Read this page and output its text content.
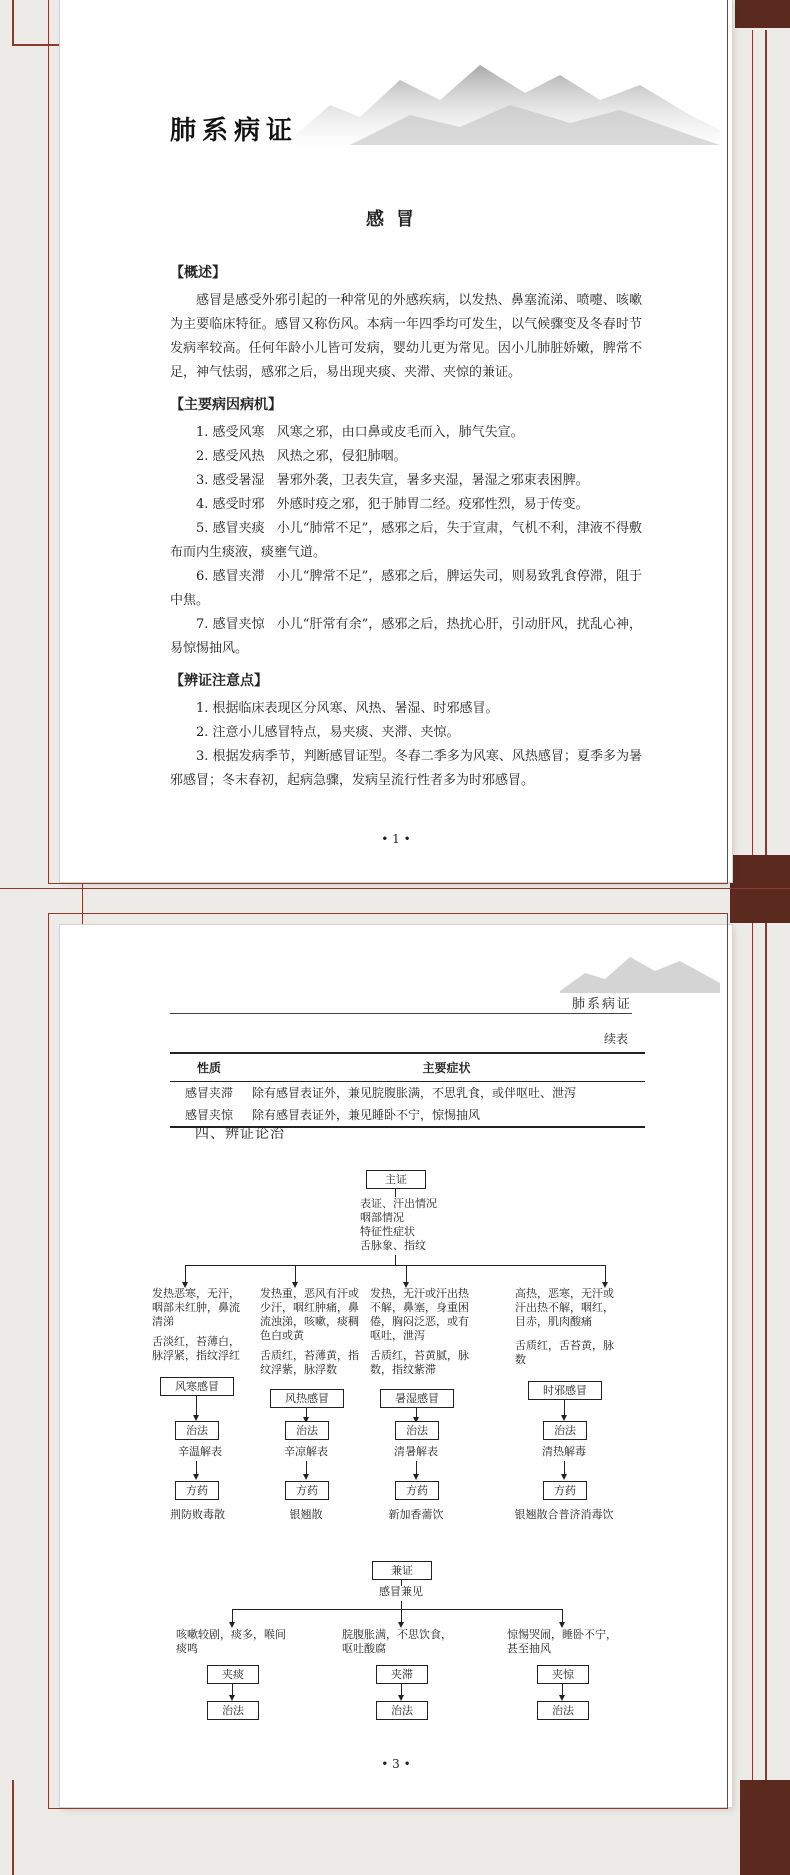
肺系病证
感冒
【概述】

感冒是感受外邪引起的一种常见的外感疾病，以发热、鼻塞流涕、喷嚏、咳嗽为主要临床特征。感冒又称伤风。本病一年四季均可发生，以气候骤变及冬春时节发病率较高。任何年龄小儿皆可发病，婴幼儿更为常见。因小儿肺脏娇嫩，脾常不足，神气怯弱，感邪之后，易出现夹痰、夹滞、夹惊的兼证。

【主要病因病机】

1. 感受风寒 风寒之邪，由口鼻或皮毛而入，肺气失宣。

2. 感受风热 风热之邪，侵犯肺咽。

3. 感受暑湿 暑邪外袭，卫表失宣，暑多夹湿，暑湿之邪束表困脾。

4. 感受时邪 外感时疫之邪，犯于肺胃二经。疫邪性烈，易于传变。

5. 感冒夹痰 小儿“肺常不足”，感邪之后，失于宣肃，气机不利，津液不得敷布而内生痰液，痰壅气道。

6. 感冒夹滞 小儿“脾常不足”，感邪之后，脾运失司，则易致乳食停滞，阻于中焦。

7. 感冒夹惊 小儿“肝常有余”，感邪之后，热扰心肝，引动肝风，扰乱心神，易惊惕抽风。

【辨证注意点】

1. 根据临床表现区分风寒、风热、暑湿、时邪感冒。

2. 注意小儿感冒特点，易夹痰、夹滞、夹惊。

3. 根据发病季节，判断感冒证型。冬春二季多为风寒、风热感冒；夏季多为暑邪感冒；冬末春初，起病急骤，发病呈流行性者多为时邪感冒。

• 1 •
肺系病证
续表
性质	主要症状
感冒夹滞	除有感冒表证外，兼见脘腹胀满，不思乳食，或伴呕吐、泄泻
感冒夹惊	除有感冒表证外，兼见睡卧不宁，惊惕抽风
四、辨证论治
主证
表证、汗出情况
咽部情况
特征性症状
舌脉象、指纹
发热恶寒，无汗，咽部未红肿，鼻流清涕
舌淡红，苔薄白，脉浮紧，指纹浮红
风寒感冒
治法
辛温解表
方药
荆防败毒散
发热重，恶风有汗或少汗，咽红肿痛，鼻流浊涕，咳嗽，痰稠色白或黄
舌质红，苔薄黄，指纹浮紫，脉浮数
风热感冒
治法
辛凉解表
方药
银翘散
发热，无汗或汗出热不解，鼻塞，身重困倦，胸闷泛恶，或有呕吐，泄泻
舌质红，苔黄腻，脉数，指纹紫滞
暑湿感冒
治法
清暑解表
方药
新加香薷饮
高热，恶寒，无汗或汗出热不解，咽红，目赤，肌肉酸痛
舌质红，舌苔黄，脉数
时邪感冒
治法
清热解毒
方药
银翘散合普济消毒饮
兼证
感冒兼见
咳嗽较剧，痰多，喉间痰鸣
夹痰
治法
脘腹胀满，不思饮食，呕吐酸腐
夹滞
治法
惊惕哭闹，睡卧不宁，甚至抽风
夹惊
治法
• 3 •
